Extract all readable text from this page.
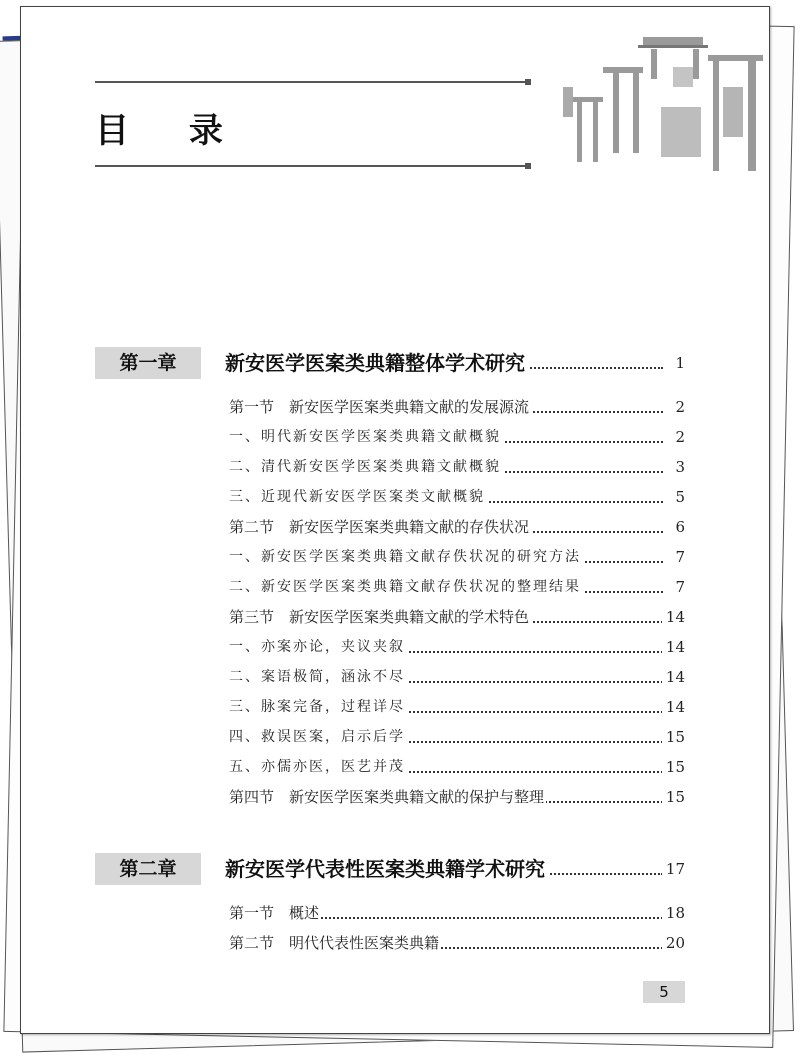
目 录
第一章	新安医学医案类典籍整体学术研究	1
第一节　新安医学医案类典籍文献的发展源流	2
一、明代新安医学医案类典籍文献概貌	2
二、清代新安医学医案类典籍文献概貌	3
三、近现代新安医学医案类文献概貌	5
第二节　新安医学医案类典籍文献的存佚状况	6
一、新安医学医案类典籍文献存佚状况的研究方法	7
二、新安医学医案类典籍文献存佚状况的整理结果	7
第三节　新安医学医案类典籍文献的学术特色	14
一、亦案亦论，夹议夹叙	14
二、案语极简，涵泳不尽	14
三、脉案完备，过程详尽	14
四、救误医案，启示后学	15
五、亦儒亦医，医艺并茂	15
第四节　新安医学医案类典籍文献的保护与整理	15
第二章	新安医学代表性医案类典籍学术研究	17
第一节　概述	18
第二节　明代代表性医案类典籍	20
5
